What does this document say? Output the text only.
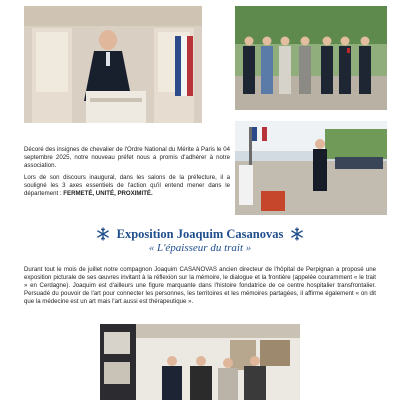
Décoré des insignes de chevalier de l'Ordre National du Mérite à Paris le 04 septembre 2025, notre nouveau préfet nous a promis d'adhérer à notre association.

Lors de son discours inaugural, dans les salons de la préfecture, il a souligné les 3 axes essentiels de l'action qu'il entend mener dans le département : FERMETÉ, UNITÉ, PROXIMITÉ.

Exposition Joaquim Casanovas
« L'épaisseur du trait »

Durant tout le mois de juillet notre compagnon Joaquim CASANOVAS ancien directeur de l'hôpital de Perpignan a proposé une exposition picturale de ses œuvres invitant à la réflexion sur la mémoire, le dialogue et la frontière (appelée couramment « le trait » en Cerdagne). Joaquim est d'ailleurs une figure marquante dans l'histoire fondatrice de ce centre hospitalier transfrontalier. Persuadé du pouvoir de l'art pour connecter les personnes, les territoires et les mémoires partagées, il affirme également « on dit que la médecine est un art mais l'art aussi est thérapeutique ».
